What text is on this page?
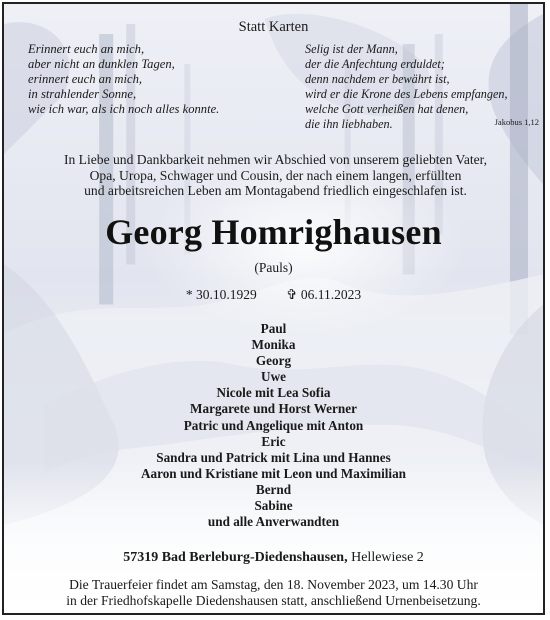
Statt Karten
Erinnert euch an mich,
aber nicht an dunklen Tagen,
erinnert euch an mich,
in strahlender Sonne,
wie ich war, als ich noch alles konnte.
Selig ist der Mann,
der die Anfechtung erduldet;
denn nachdem er bewährt ist,
wird er die Krone des Lebens empfangen,
welche Gott verheißen hat denen,
die ihn liebhaben.	Jakobus 1,12
In Liebe und Dankbarkeit nehmen wir Abschied von unserem geliebten Vater,
Opa, Uropa, Schwager und Cousin, der nach einem langen, erfüllten
und arbeitsreichen Leben am Montagabend friedlich eingeschlafen ist.
Georg Homrighausen
(Pauls)
* 30.10.1929 ✞ 06.11.2023
Paul
Monika
Georg
Uwe
Nicole mit Lea Sofia
Margarete und Horst Werner
Patric und Angelique mit Anton
Eric
Sandra und Patrick mit Lina und Hannes
Aaron und Kristiane mit Leon und Maximilian
Bernd
Sabine
und alle Anverwandten
57319 Bad Berleburg-Diedenshausen, Hellewiese 2
Die Trauerfeier findet am Samstag, den 18. November 2023, um 14.30 Uhr
in der Friedhofskapelle Diedenshausen statt, anschließend Urnenbeisetzung.
